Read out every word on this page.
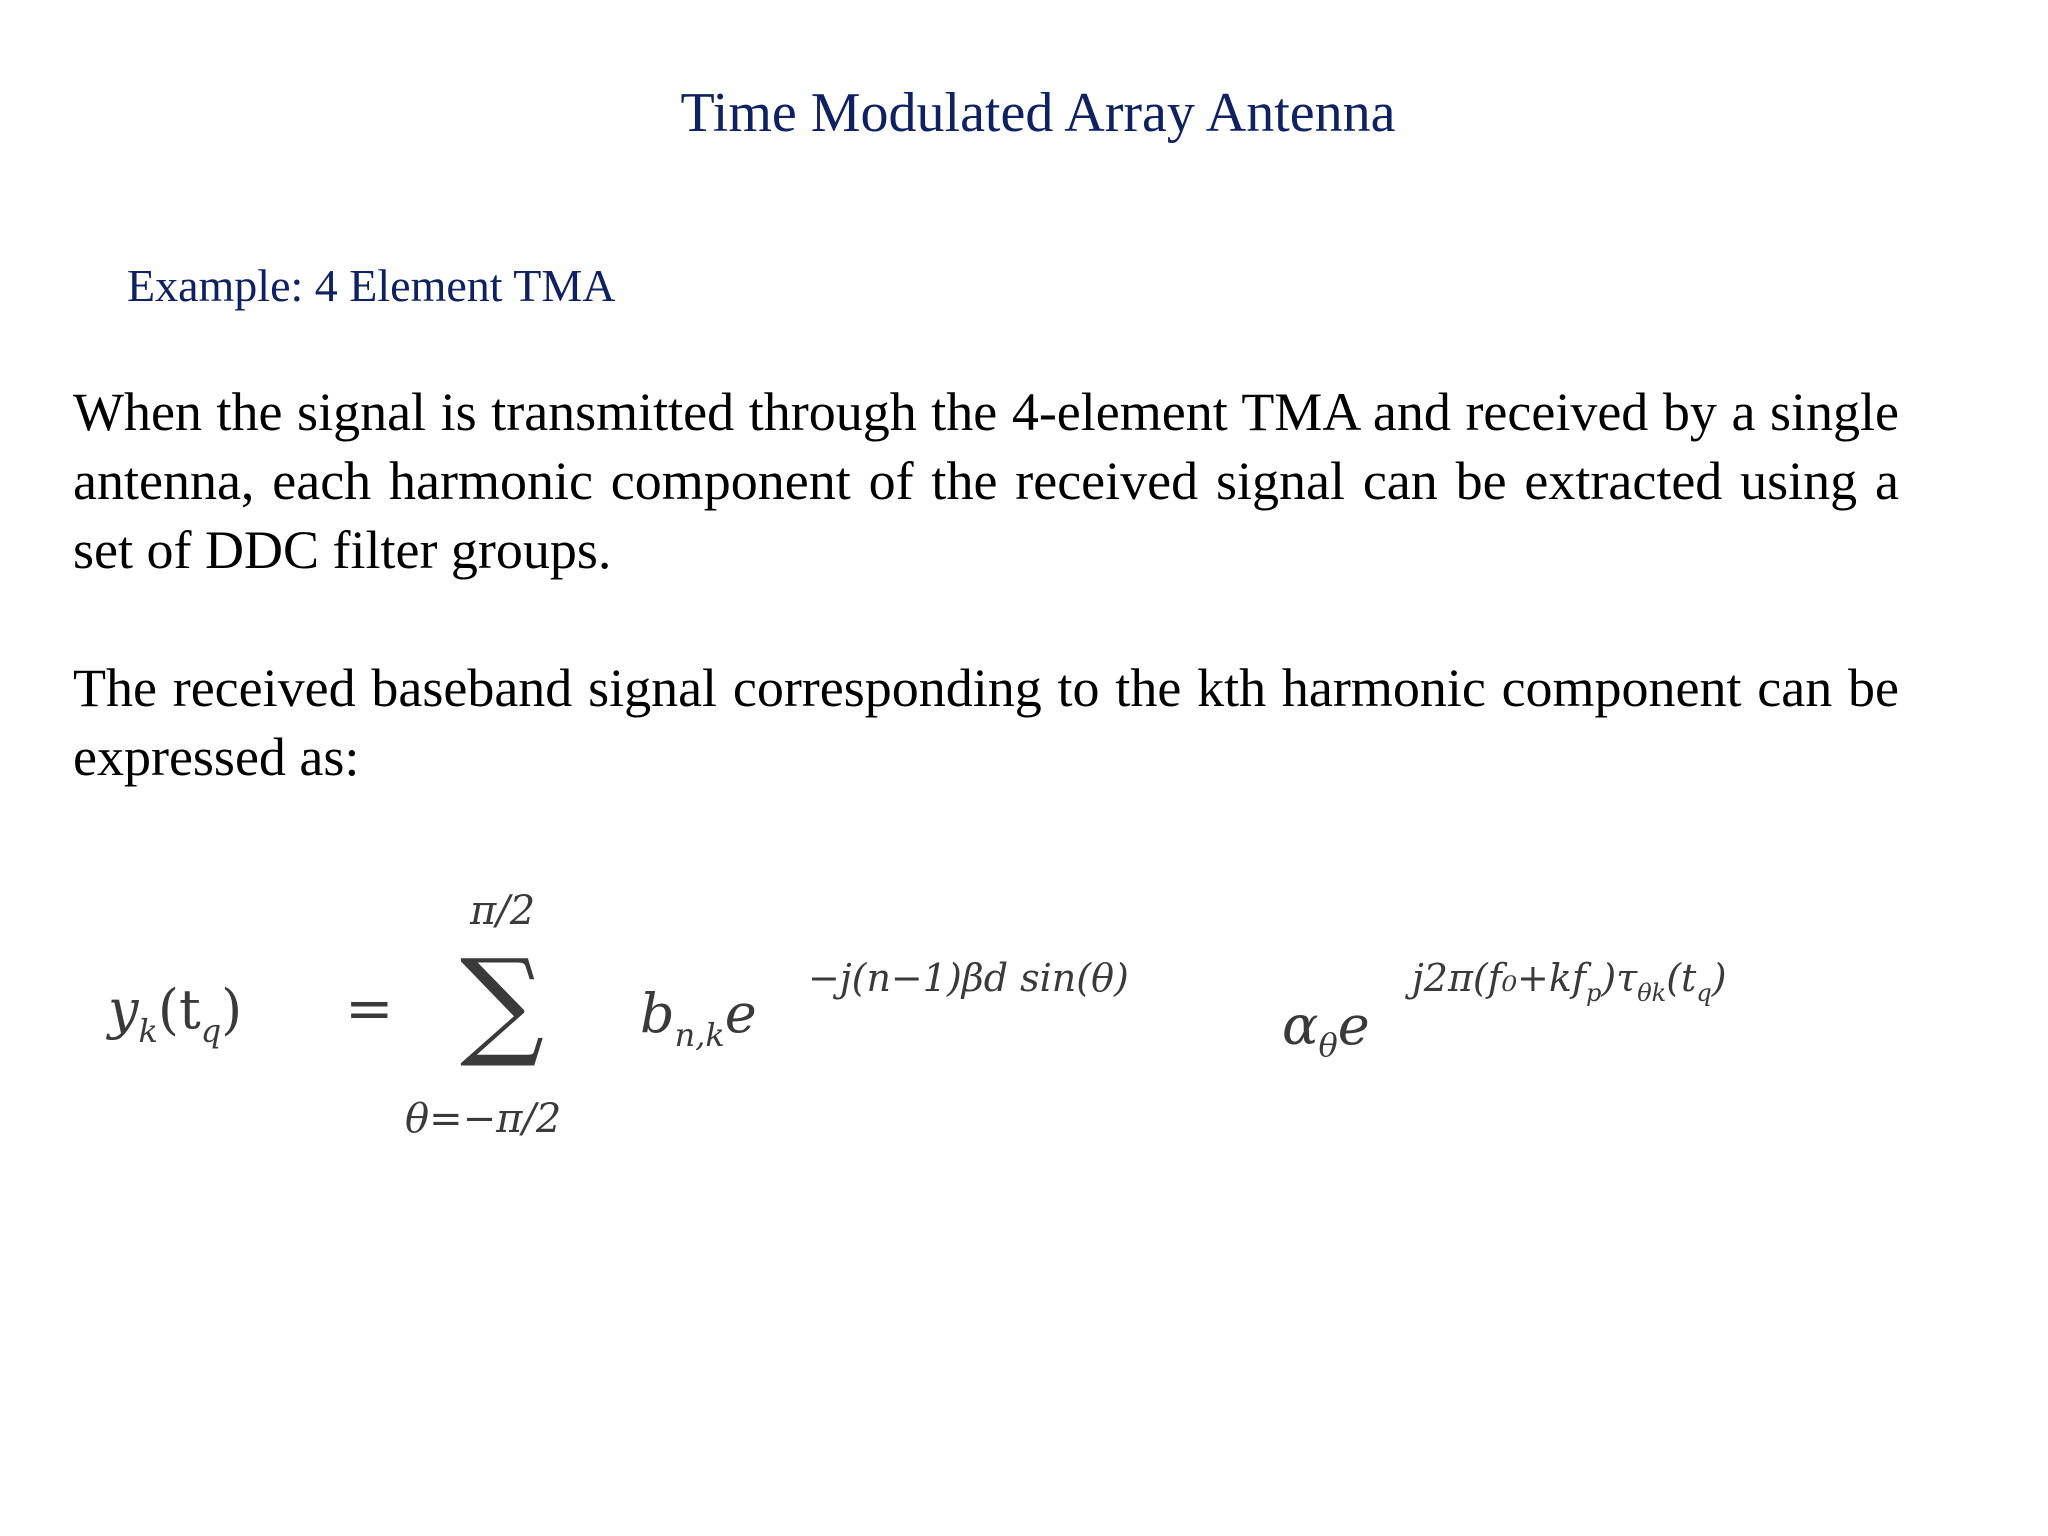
Time Modulated Array Antenna
Example: 4 Element TMA

When the signal is transmitted through the 4-element TMA and received by a single antenna, each harmonic component of the received signal can be extracted using a set of DDC filter groups.

The received baseband signal corresponding to the kth harmonic component can be expressed as:

$y_k(t_q)$ =
π/2
∑
θ=−π/2
$b_{n,k}e$
−j(n−1)βd sin(θ)
$\alpha_\theta e$
$j2\pi(f_0+kf_p)\tau_{\theta k}(t_q)$
